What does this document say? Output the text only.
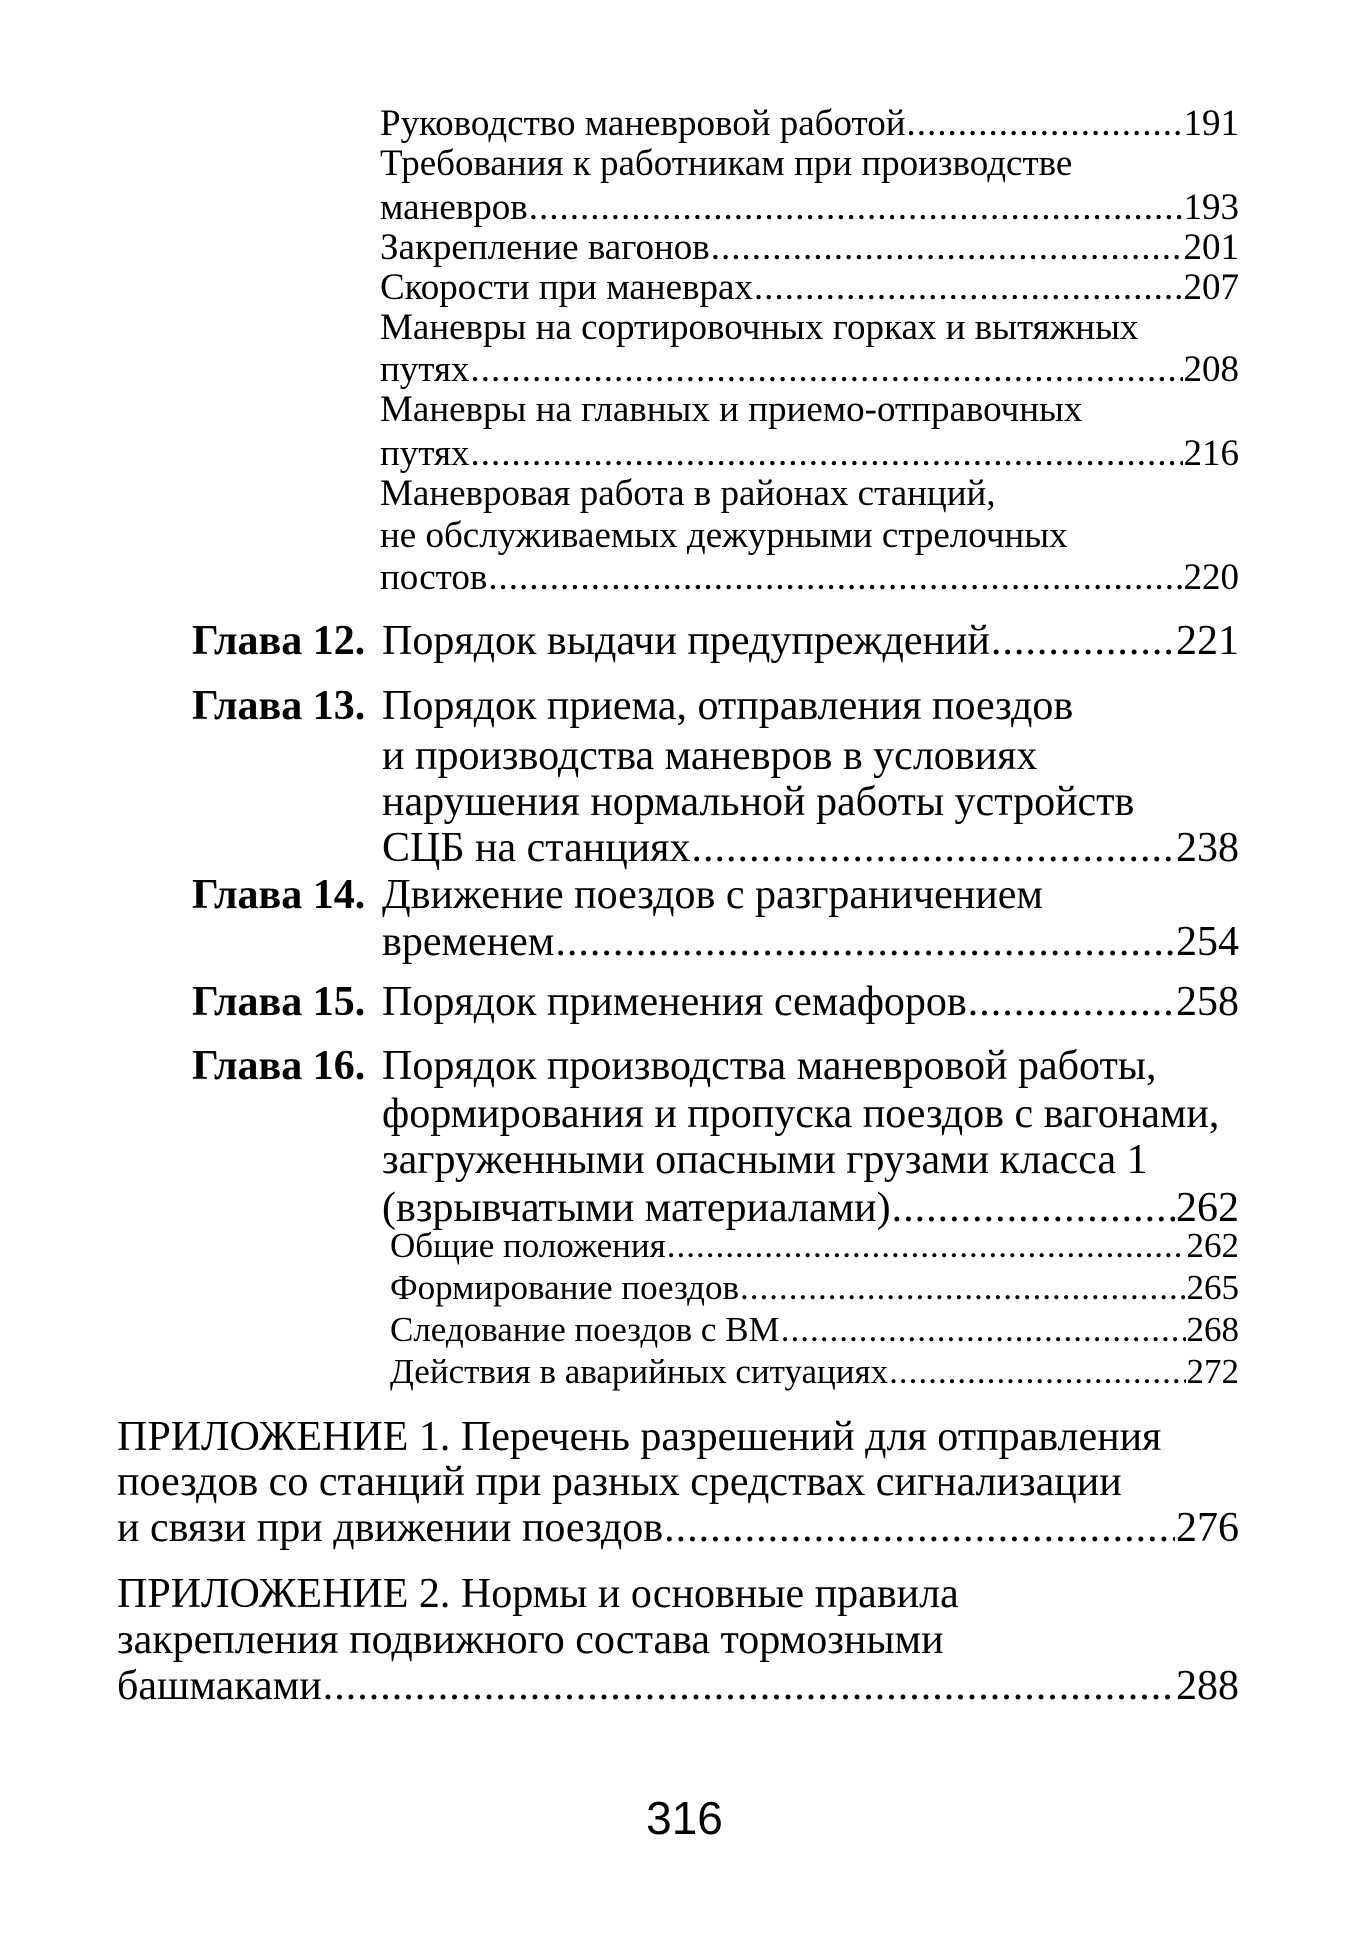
Руководство маневровой работой .....	191
Требования к работникам при производстве
маневров .....	193
Закрепление вагонов .....	201
Скорости при маневрах .....	207
Маневры на сортировочных горках и вытяжных
путях .....	208
Маневры на главных и приемо-отправочных
путях .....	216
Маневровая работа в районах станций,
не обслуживаемых дежурными стрелочных
постов .....	220
Глава 12. Порядок выдачи предупреждений .....	221
Глава 13. Порядок приема, отправления поездов
и производства маневров в условиях
нарушения нормальной работы устройств
СЦБ на станциях .....	238
Глава 14. Движение поездов с разграничением
временем .....	254
Глава 15. Порядок применения семафоров .....	258
Глава 16. Порядок производства маневровой работы,
формирования и пропуска поездов с вагонами,
загруженными опасными грузами класса 1
(взрывчатыми материалами) .....	262
Общие положения .....	262
Формирование поездов .....	265
Следование поездов с ВМ .....	268
Действия в аварийных ситуациях .....	272
ПРИЛОЖЕНИЕ 1. Перечень разрешений для отправления
поездов со станций при разных средствах сигнализации
и связи при движении поездов .....	276
ПРИЛОЖЕНИЕ 2. Нормы и основные правила
закрепления подвижного состава тормозными
башмаками .....	288
316
